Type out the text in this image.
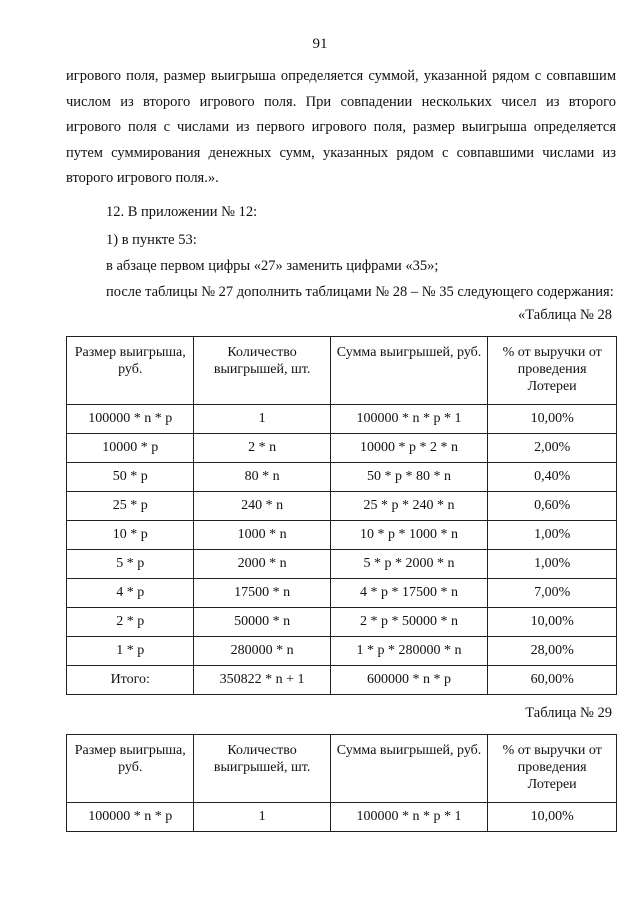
91
игрового поля, размер выигрыша определяется суммой, указанной рядом с совпавшим числом из второго игрового поля. При совпадении нескольких чисел из второго игрового поля с числами из первого игрового поля, размер выигрыша определяется путем суммирования денежных сумм, указанных рядом с совпавшими числами из второго игрового поля.».
12. В приложении № 12:
1) в пункте 53:
в абзаце первом цифры «27» заменить цифрами «35»;
после таблицы № 27 дополнить таблицами № 28 – № 35 следующего содержания:
«Таблица № 28
Размер выигрыша, руб.	Количество выигрышей, шт.	Сумма выигрышей, руб.	% от выручки от проведения Лотереи
100000 * n * p	1	100000 * n * p * 1	10,00%
10000 * p	2 * n	10000 * p * 2 * n	2,00%
50 * p	80 * n	50 * p * 80 * n	0,40%
25 * p	240 * n	25 * p * 240 * n	0,60%
10 * p	1000 * n	10 * p * 1000 * n	1,00%
5 * p	2000 * n	5 * p * 2000 * n	1,00%
4 * p	17500 * n	4 * p * 17500 * n	7,00%
2 * p	50000 * n	2 * p * 50000 * n	10,00%
1 * p	280000 * n	1 * p * 280000 * n	28,00%
Итого:	350822 * n + 1	600000 * n * p	60,00%
Таблица № 29
Размер выигрыша, руб.	Количество выигрышей, шт.	Сумма выигрышей, руб.	% от выручки от проведения Лотереи
100000 * n * p	1	100000 * n * p * 1	10,00%
